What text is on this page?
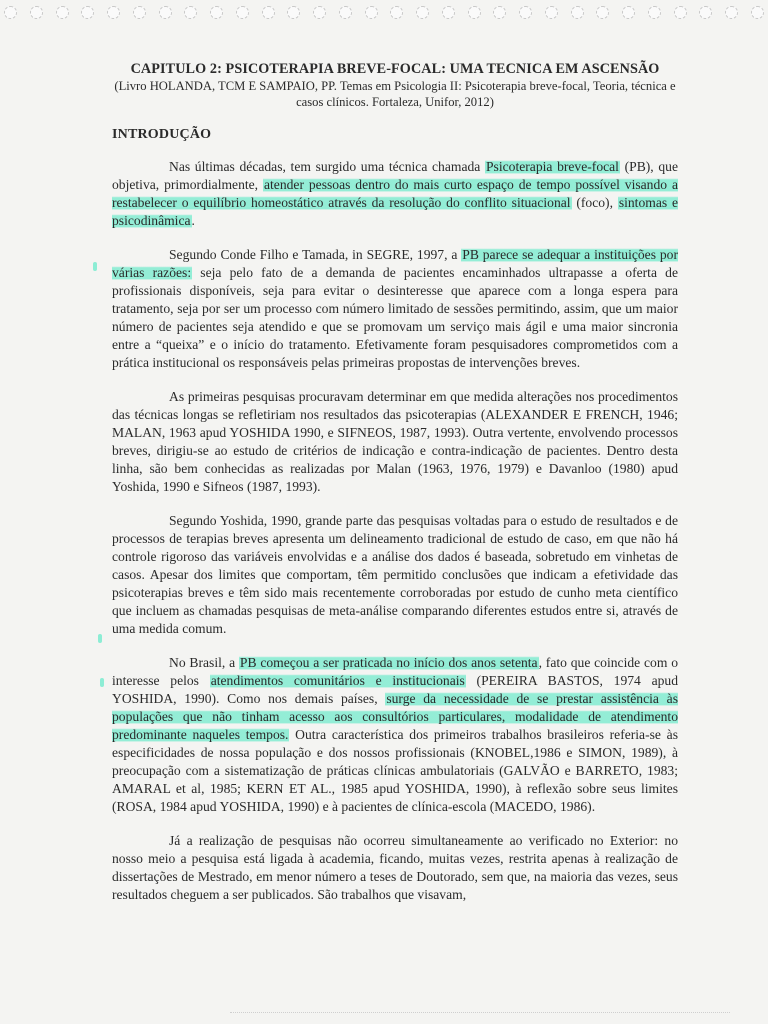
CAPITULO 2: PSICOTERAPIA BREVE-FOCAL: UMA TECNICA EM ASCENSÃO

(Livro HOLANDA, TCM E SAMPAIO, PP. Temas em Psicologia II: Psicoterapia breve-focal, Teoria, técnica e casos clínicos. Fortaleza, Unifor, 2012)

INTRODUÇÃO

Nas últimas décadas, tem surgido uma técnica chamada Psicoterapia breve-focal (PB), que objetiva, primordialmente, atender pessoas dentro do mais curto espaço de tempo possível visando a restabelecer o equilíbrio homeostático através da resolução do conflito situacional (foco), sintomas e psicodinâmica.

Segundo Conde Filho e Tamada, in SEGRE, 1997, a PB parece se adequar a instituições por várias razões: seja pelo fato de a demanda de pacientes encaminhados ultrapasse a oferta de profissionais disponíveis, seja para evitar o desinteresse que aparece com a longa espera para tratamento, seja por ser um processo com número limitado de sessões permitindo, assim, que um maior número de pacientes seja atendido e que se promovam um serviço mais ágil e uma maior sincronia entre a “queixa” e o início do tratamento. Efetivamente foram pesquisadores comprometidos com a prática institucional os responsáveis pelas primeiras propostas de intervenções breves.

As primeiras pesquisas procuravam determinar em que medida alterações nos procedimentos das técnicas longas se refletiriam nos resultados das psicoterapias (ALEXANDER E FRENCH, 1946; MALAN, 1963 apud YOSHIDA 1990, e SIFNEOS, 1987, 1993). Outra vertente, envolvendo processos breves, dirigiu-se ao estudo de critérios de indicação e contra-indicação de pacientes. Dentro desta linha, são bem conhecidas as realizadas por Malan (1963, 1976, 1979) e Davanloo (1980) apud Yoshida, 1990 e Sifneos (1987, 1993).

Segundo Yoshida, 1990, grande parte das pesquisas voltadas para o estudo de resultados e de processos de terapias breves apresenta um delineamento tradicional de estudo de caso, em que não há controle rigoroso das variáveis envolvidas e a análise dos dados é baseada, sobretudo em vinhetas de casos. Apesar dos limites que comportam, têm permitido conclusões que indicam a efetividade das psicoterapias breves e têm sido mais recentemente corroboradas por estudo de cunho meta científico que incluem as chamadas pesquisas de meta-análise comparando diferentes estudos entre si, através de uma medida comum.

No Brasil, a PB começou a ser praticada no início dos anos setenta, fato que coincide com o interesse pelos atendimentos comunitários e institucionais (PEREIRA BASTOS, 1974 apud YOSHIDA, 1990). Como nos demais países, surge da necessidade de se prestar assistência às populações que não tinham acesso aos consultórios particulares, modalidade de atendimento predominante naqueles tempos. Outra característica dos primeiros trabalhos brasileiros referia-se às especificidades de nossa população e dos nossos profissionais (KNOBEL,1986 e SIMON, 1989), à preocupação com a sistematização de práticas clínicas ambulatoriais (GALVÃO e BARRETO, 1983; AMARAL et al, 1985; KERN ET AL., 1985 apud YOSHIDA, 1990), à reflexão sobre seus limites (ROSA, 1984 apud YOSHIDA, 1990) e à pacientes de clínica-escola (MACEDO, 1986).

Já a realização de pesquisas não ocorreu simultaneamente ao verificado no Exterior: no nosso meio a pesquisa está ligada à academia, ficando, muitas vezes, restrita apenas à realização de dissertações de Mestrado, em menor número a teses de Doutorado, sem que, na maioria das vezes, seus resultados cheguem a ser publicados. São trabalhos que visavam,
